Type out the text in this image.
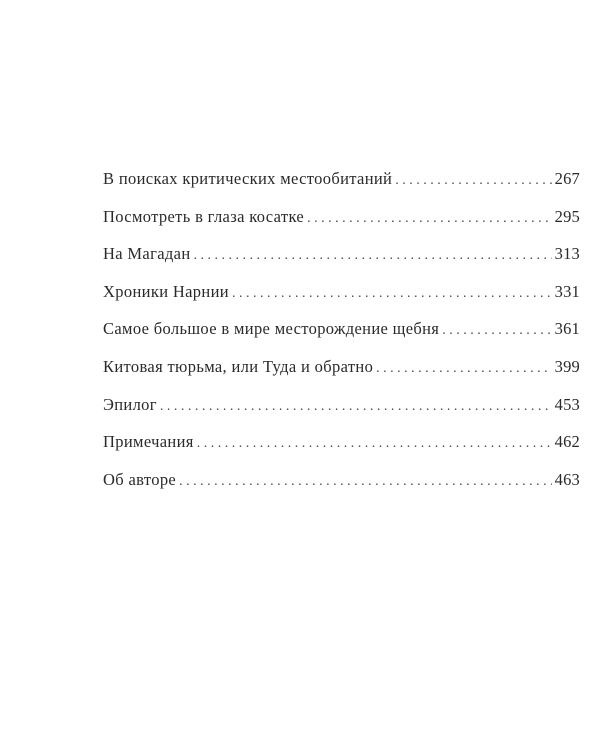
В поисках критических местообитаний . . .	267
Посмотреть в глаза косатке . . .	295
На Магадан . . .	313
Хроники Нарнии . . .	331
Самое большое в мире месторождение щебня . . .	361
Китовая тюрьма, или Туда и обратно . . .	399
Эпилог . . .	453
Примечания . . .	462
Об авторе . . .	463
